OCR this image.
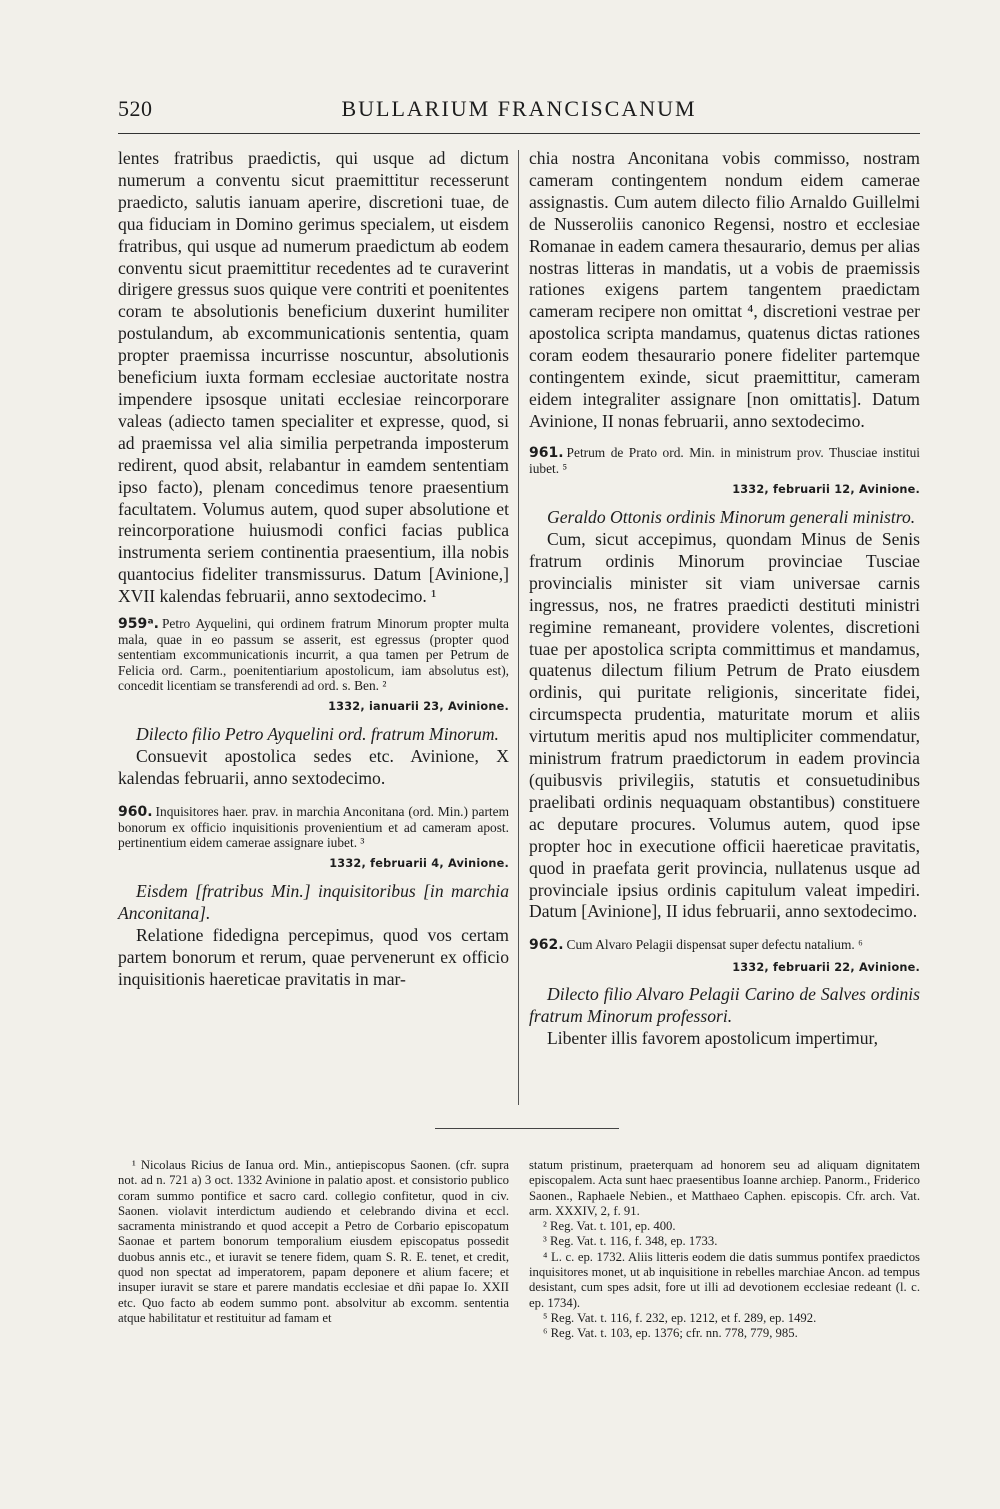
520	BULLARIUM FRANCISCANUM

lentes fratribus praedictis, qui usque ad dictum numerum a conventu sicut praemittitur recesserunt praedicto, salutis ianuam aperire, discretioni tuae, de qua fiduciam in Domino gerimus specialem, ut eisdem fratribus, qui usque ad numerum praedictum ab eodem conventu sicut praemittitur recedentes ad te curaverint dirigere gressus suos quique vere contriti et poenitentes coram te absolutionis beneficium duxerint humiliter postulandum, ab excommunicationis sententia, quam propter praemissa incurrisse noscuntur, absolutionis beneficium iuxta formam ecclesiae auctoritate nostra impendere ipsosque unitati ecclesiae reincorporare valeas (adiecto tamen specialiter et expresse, quod, si ad praemissa vel alia similia perpetranda imposterum redirent, quod absit, relabantur in eamdem sententiam ipso facto), plenam concedimus tenore praesentium facultatem. Volumus autem, quod super absolutione et reincorporatione huiusmodi confici facias publica instrumenta seriem continentia praesentium, illa nobis quantocius fideliter transmissurus. Datum [Avinione,] XVII kalendas februarii, anno sextodecimo. ¹

959ᵃ. Petro Ayquelini, qui ordinem fratrum Minorum propter multa mala, quae in eo passum se asserit, est egressus (propter quod sententiam excommunicationis incurrit, a qua tamen per Petrum de Felicia ord. Carm., poenitentiarium apostolicum, iam absolutus est), concedit licentiam se transferendi ad ord. s. Ben. ²
1332, ianuarii 23, Avinione.

Dilecto filio Petro Ayquelini ord. fratrum Minorum.

Consuevit apostolica sedes etc. Avinione, X kalendas februarii, anno sextodecimo.

960. Inquisitores haer. prav. in marchia Anconitana (ord. Min.) partem bonorum ex officio inquisitionis provenientium et ad cameram apost. pertinentium eidem camerae assignare iubet. ³
1332, februarii 4, Avinione.

Eisdem [fratribus Min.] inquisitoribus [in marchia Anconitana].

Relatione fidedigna percepimus, quod vos certam partem bonorum et rerum, quae pervenerunt ex officio inquisitionis haereticae pravitatis in mar-

chia nostra Anconitana vobis commisso, nostram cameram contingentem nondum eidem camerae assignastis. Cum autem dilecto filio Arnaldo Guillelmi de Nusseroliis canonico Regensi, nostro et ecclesiae Romanae in eadem camera thesaurario, demus per alias nostras litteras in mandatis, ut a vobis de praemissis rationes exigens partem tangentem praedictam cameram recipere non omittat ⁴, discretioni vestrae per apostolica scripta mandamus, quatenus dictas rationes coram eodem thesaurario ponere fideliter partemque contingentem exinde, sicut praemittitur, cameram eidem integraliter assignare [non omittatis]. Datum Avinione, II nonas februarii, anno sextodecimo.

961. Petrum de Prato ord. Min. in ministrum prov. Thusciae institui iubet. ⁵
1332, februarii 12, Avinione.

Geraldo Ottonis ordinis Minorum generali ministro.

Cum, sicut accepimus, quondam Minus de Senis fratrum ordinis Minorum provinciae Tusciae provincialis minister sit viam universae carnis ingressus, nos, ne fratres praedicti destituti ministri regimine remaneant, providere volentes, discretioni tuae per apostolica scripta committimus et mandamus, quatenus dilectum filium Petrum de Prato eiusdem ordinis, qui puritate religionis, sinceritate fidei, circumspecta prudentia, maturitate morum et aliis virtutum meritis apud nos multipliciter commendatur, ministrum fratrum praedictorum in eadem provincia (quibusvis privilegiis, statutis et consuetudinibus praelibati ordinis nequaquam obstantibus) constituere ac deputare procures. Volumus autem, quod ipse propter hoc in executione officii haereticae pravitatis, quod in praefata gerit provincia, nullatenus usque ad provinciale ipsius ordinis capitulum valeat impediri. Datum [Avinione], II idus februarii, anno sextodecimo.

962. Cum Alvaro Pelagii dispensat super defectu natalium. ⁶
1332, februarii 22, Avinione.

Dilecto filio Alvaro Pelagii Carino de Salves ordinis fratrum Minorum professori.

Libenter illis favorem apostolicum impertimur,

¹ Nicolaus Ricius de Ianua ord. Min., antiepiscopus Saonen. (cfr. supra not. ad n. 721 a) 3 oct. 1332 Avinione in palatio apost. et consistorio publico coram summo pontifice et sacro card. collegio confitetur, quod in civ. Saonen. violavit interdictum audiendo et celebrando divina et eccl. sacramenta ministrando et quod accepit a Petro de Corbario episcopatum Saonae et partem bonorum temporalium eiusdem episcopatus possedit duobus annis etc., et iuravit se tenere fidem, quam S. R. E. tenet, et credit, quod non spectat ad imperatorem, papam deponere et alium facere; et insuper iuravit se stare et parere mandatis ecclesiae et dñi papae Io. XXII etc. Quo facto ab eodem summo pont. absolvitur ab excomm. sententia atque habilitatur et restituitur ad famam et

statum pristinum, praeterquam ad honorem seu ad aliquam dignitatem episcopalem. Acta sunt haec praesentibus Ioanne archiep. Panorm., Friderico Saonen., Raphaele Nebien., et Matthaeo Caphen. episcopis. Cfr. arch. Vat. arm. XXXIV, 2, f. 91.

² Reg. Vat. t. 101, ep. 400.

³ Reg. Vat. t. 116, f. 348, ep. 1733.

⁴ L. c. ep. 1732. Aliis litteris eodem die datis summus pontifex praedictos inquisitores monet, ut ab inquisitione in rebelles marchiae Ancon. ad tempus desistant, cum spes adsit, fore ut illi ad devotionem ecclesiae redeant (l. c. ep. 1734).

⁵ Reg. Vat. t. 116, f. 232, ep. 1212, et f. 289, ep. 1492.

⁶ Reg. Vat. t. 103, ep. 1376; cfr. nn. 778, 779, 985.
